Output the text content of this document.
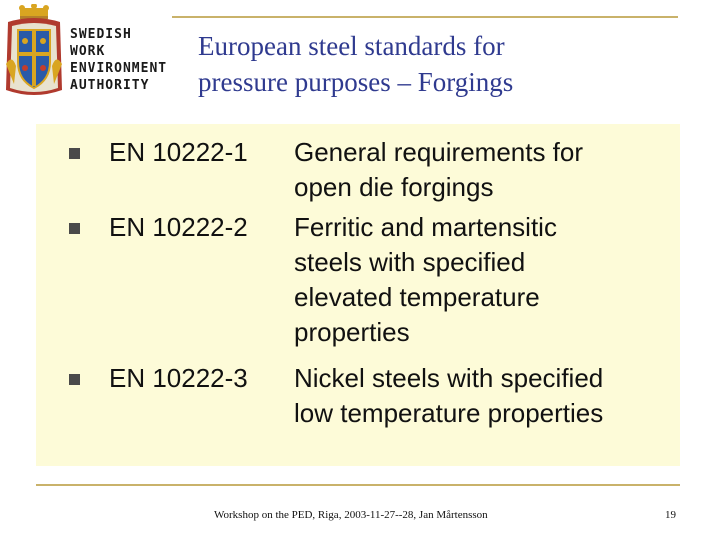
SWEDISH
WORK
ENVIRONMENT
AUTHORITY
European steel standards for
pressure purposes – Forgings
EN 10222-1 General requirements for
open die forgings
EN 10222-2 Ferritic and martensitic
steels with specified
elevated temperature
properties
EN 10222-3 Nickel steels with specified
low temperature properties
Workshop on the PED, Riga, 2003-11-27--28, Jan Mårtensson	19
